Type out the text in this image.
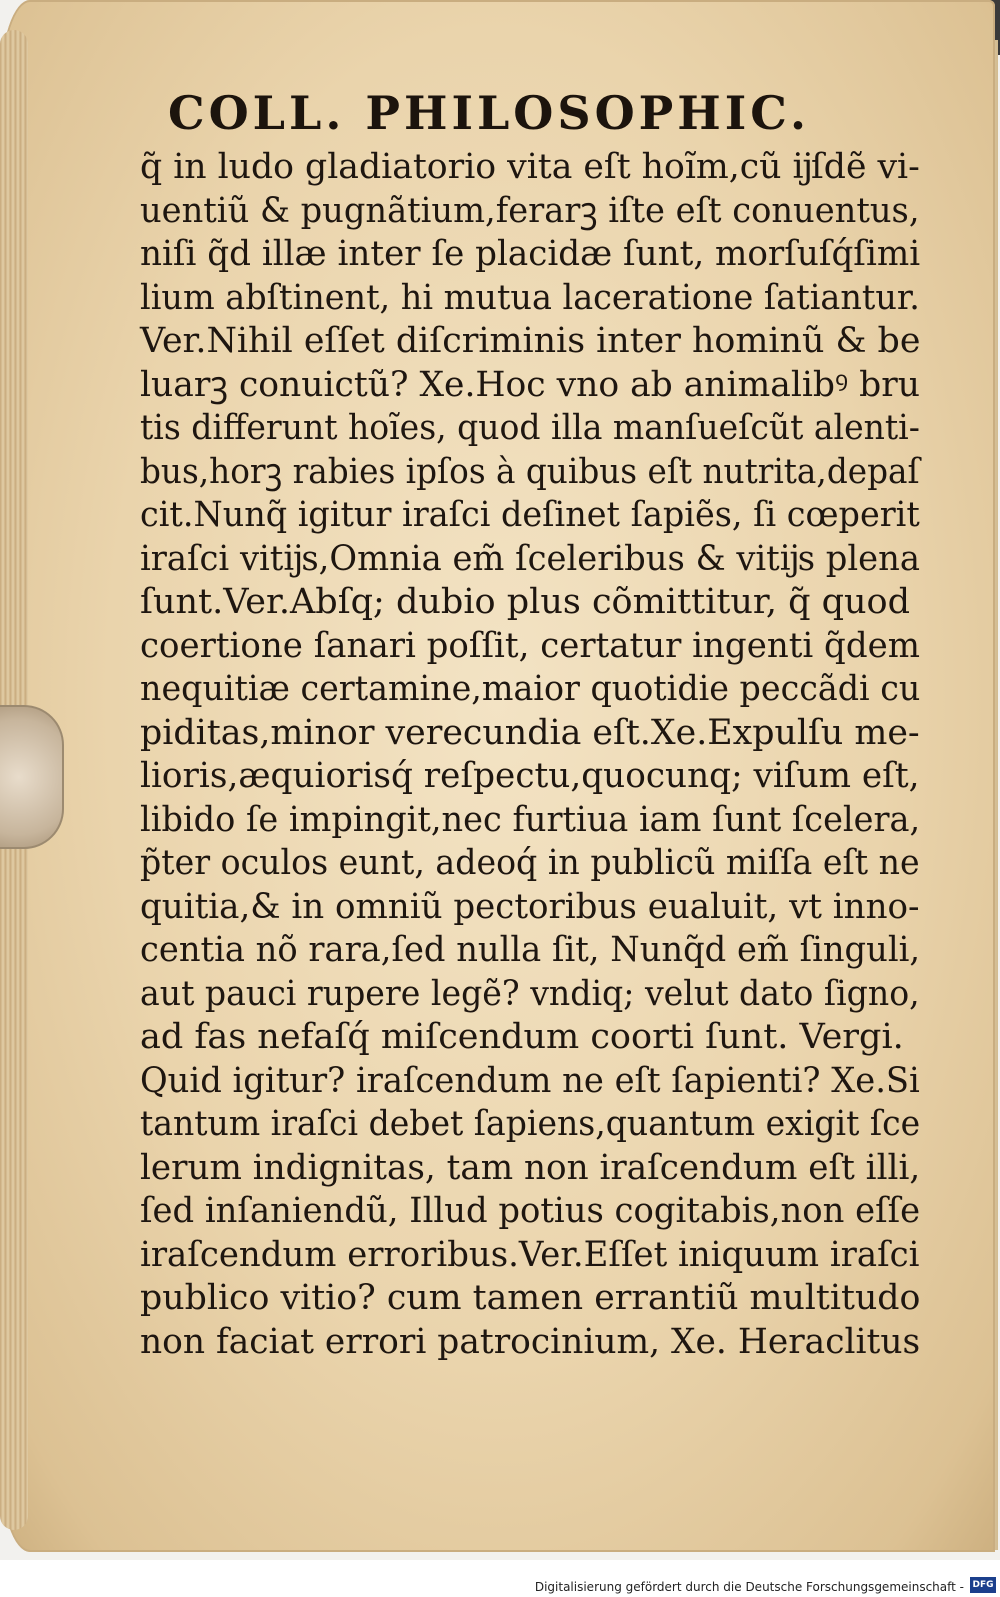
COLL. PHILOSOPHIC.
q̃ in ludo gladiatorio vita eſt hoĩm,cũ ĳſdẽ vi-
uentiũ & pugnãtium,ferarꝫ iſte eſt conuentus,
niſi q̃d illæ inter ſe placidæ ſunt, morſuſq́ſimi
lium abſtinent, hi mutua laceratione ſatiantur.
Ver.Nihil eſſet diſcriminis inter hominũ & be
luarꝫ conuictũ? Xe.Hoc vno ab animalibꝰ bru
tis differunt hoĩes, quod illa manſueſcũt alenti-
bus,horꝫ rabies ipſos à quibus eſt nutrita,depaſ
cit.Nunq̃ igitur iraſci deſinet ſapiẽs, ſi cœperit
iraſci vitĳs,Omnia em̃ ſceleribus & vitĳs plena
ſunt.Ver.Abſq; dubio plus cõmittitur, q̃ quod
coertione ſanari poſſit, certatur ingenti q̃dem
nequitiæ certamine,maior quotidie peccãdi cu
piditas,minor verecundia eſt.Xe.Expulſu me-
lioris,æquiorisq́ reſpectu,quocunq; viſum eſt,
libido ſe impingit,nec furtiua iam ſunt ſcelera,
p̃ter oculos eunt, adeoq́ in publicũ miſſa eſt ne
quitia,& in omniũ pectoribus eualuit, vt inno-
centia nõ rara,ſed nulla ſit, Nunq̃d em̃ ſinguli,
aut pauci rupere legẽ? vndiq; velut dato ſigno,
ad fas nefaſq́ miſcendum coorti ſunt. Vergi.
Quid igitur? iraſcendum ne eſt ſapienti? Xe.Si
tantum iraſci debet ſapiens,quantum exigit ſce
lerum indignitas, tam non iraſcendum eſt illi,
ſed inſaniendũ, Illud potius cogitabis,non eſſe
iraſcendum erroribus.Ver.Eſſet iniquum iraſci
publico vitio? cum tamen errantiũ multitudo
non faciat errori patrocinium, Xe. Heraclitus
Digitalisierung gefördert durch die Deutsche Forschungsgemeinschaft - DFG
